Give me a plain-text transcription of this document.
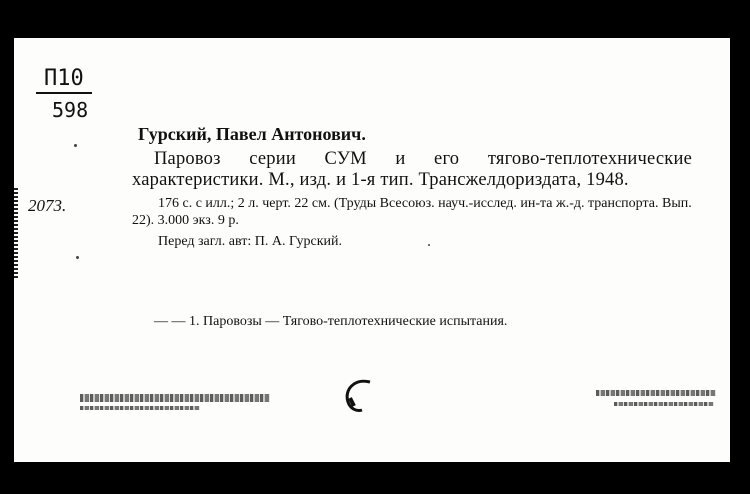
П10
598
2073.
Гурский, Павел Антонович.

Паровоз серии СУМ и его тягово-теплотехнические характеристики. М., изд. и 1-я тип. Трансжелдориздата, 1948.

176 с. с илл.; 2 л. черт. 22 см. (Труды Всесоюз. науч.-исслед. ин-та ж.-д. транспорта. Вып. 22). 3.000 экз. 9 р.

Перед загл. авт: П. А. Гурский.

— — 1. Паровозы — Тягово-теплотехнические испытания.
